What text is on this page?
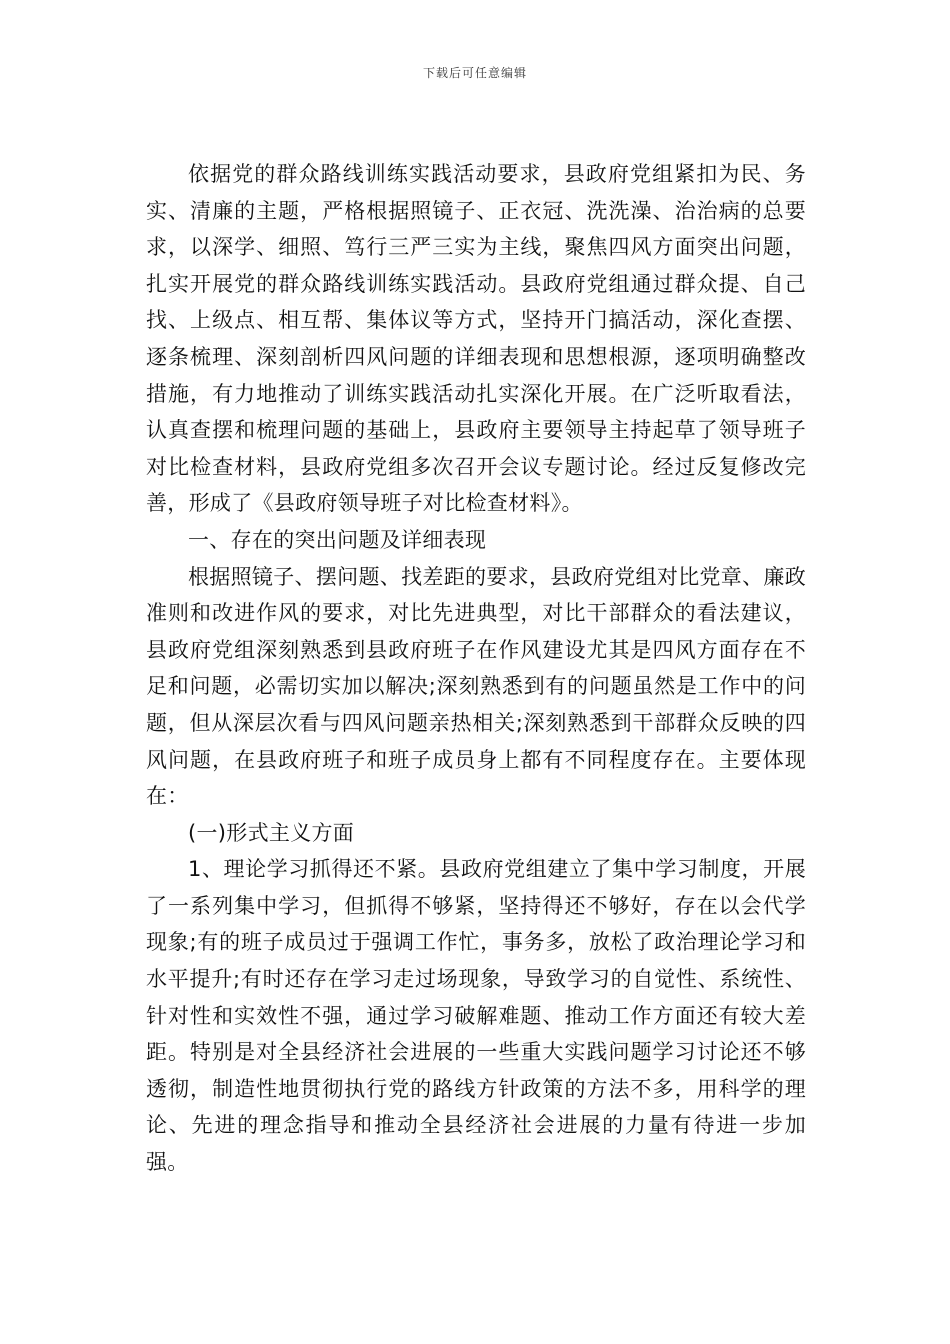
下载后可任意编辑

依据党的群众路线训练实践活动要求，县政府党组紧扣为民、务实、清廉的主题，严格根据照镜子、正衣冠、洗洗澡、治治病的总要求，以深学、细照、笃行三严三实为主线，聚焦四风方面突出问题，扎实开展党的群众路线训练实践活动。县政府党组通过群众提、自己找、上级点、相互帮、集体议等方式，坚持开门搞活动，深化查摆、逐条梳理、深刻剖析四风问题的详细表现和思想根源，逐项明确整改措施，有力地推动了训练实践活动扎实深化开展。在广泛听取看法，认真查摆和梳理问题的基础上，县政府主要领导主持起草了领导班子对比检查材料，县政府党组多次召开会议专题讨论。经过反复修改完善，形成了《县政府领导班子对比检查材料》。

一、存在的突出问题及详细表现

根据照镜子、摆问题、找差距的要求，县政府党组对比党章、廉政准则和改进作风的要求，对比先进典型，对比干部群众的看法建议，县政府党组深刻熟悉到县政府班子在作风建设尤其是四风方面存在不足和问题，必需切实加以解决;深刻熟悉到有的问题虽然是工作中的问题，但从深层次看与四风问题亲热相关;深刻熟悉到干部群众反映的四风问题，在县政府班子和班子成员身上都有不同程度存在。主要体现在：

(一)形式主义方面

1、理论学习抓得还不紧。县政府党组建立了集中学习制度，开展了一系列集中学习，但抓得不够紧，坚持得还不够好，存在以会代学现象;有的班子成员过于强调工作忙，事务多，放松了政治理论学习和水平提升;有时还存在学习走过场现象，导致学习的自觉性、系统性、针对性和实效性不强，通过学习破解难题、推动工作方面还有较大差距。特别是对全县经济社会进展的一些重大实践问题学习讨论还不够透彻，制造性地贯彻执行党的路线方针政策的方法不多，用科学的理论、先进的理念指导和推动全县经济社会进展的力量有待进一步加强。
